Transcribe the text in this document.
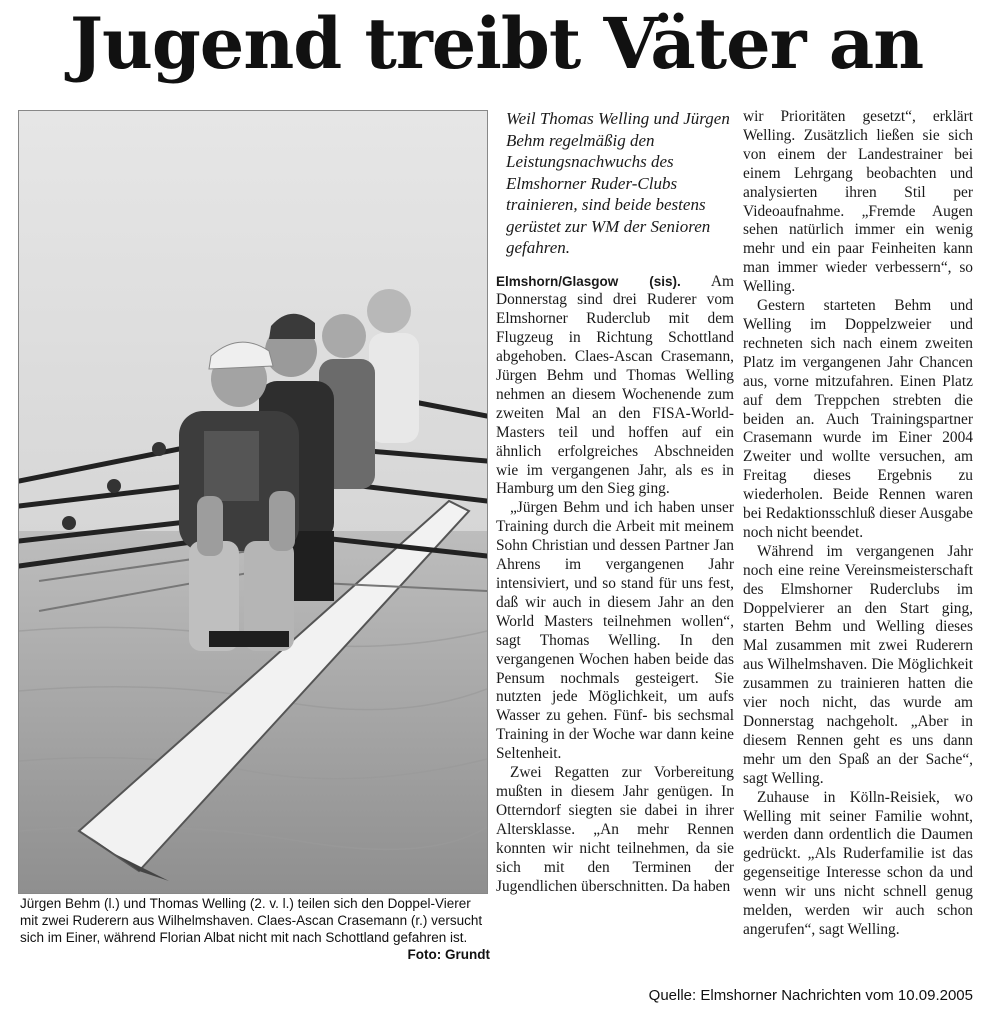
Jugend treibt Väter an
Jürgen Behm (l.) und Thomas Welling (2. v. l.) teilen sich den Doppel-Vierer mit zwei Ruderern aus Wilhelmshaven. Claes-Ascan Crasemann (r.) versucht sich im Einer, während Florian Albat nicht mit nach Schottland gefahren ist.
Foto: Grundt
Weil Thomas Welling und Jürgen Behm regelmäßig den Leistungsnachwuchs des Elmshorner Ruder-Clubs trainieren, sind beide bestens gerüstet zur WM der Senioren gefahren.

Elmshorn/Glasgow (sis). Am Donnerstag sind drei Ruderer vom Elmshorner Ruderclub mit dem Flugzeug in Richtung Schottland abgehoben. Claes-Ascan Crasemann, Jürgen Behm und Thomas Welling nehmen an diesem Wochenende zum zweiten Mal an den FISA-World-Masters teil und hoffen auf ein ähnlich erfolgreiches Abschneiden wie im vergangenen Jahr, als es in Hamburg um den Sieg ging.

„Jürgen Behm und ich haben unser Training durch die Arbeit mit meinem Sohn Christian und dessen Partner Jan Ahrens im vergangenen Jahr intensiviert, und so stand für uns fest, daß wir auch in diesem Jahr an den World Masters teilnehmen wollen“, sagt Thomas Welling. In den vergangenen Wochen haben beide das Pensum nochmals gesteigert. Sie nutzten jede Möglichkeit, um aufs Wasser zu gehen. Fünf- bis sechsmal Training in der Woche war dann keine Seltenheit.

Zwei Regatten zur Vorbereitung mußten in diesem Jahr genügen. In Otterndorf siegten sie dabei in ihrer Altersklasse. „An mehr Rennen konnten wir nicht teilnehmen, da sie sich mit den Terminen der Jugendlichen überschnitten. Da haben

wir Prioritäten gesetzt“, erklärt Welling. Zusätzlich ließen sie sich von einem der Landestrainer bei einem Lehrgang beobachten und analysierten ihren Stil per Videoaufnahme. „Fremde Augen sehen natürlich immer ein wenig mehr und ein paar Feinheiten kann man immer wieder verbessern“, so Welling.

Gestern starteten Behm und Welling im Doppelzweier und rechneten sich nach einem zweiten Platz im vergangenen Jahr Chancen aus, vorne mitzufahren. Einen Platz auf dem Treppchen strebten die beiden an. Auch Trainingspartner Crasemann wurde im Einer 2004 Zweiter und wollte versuchen, am Freitag dieses Ergebnis zu wiederholen. Beide Rennen waren bei Redaktionsschluß dieser Ausgabe noch nicht beendet.

Während im vergangenen Jahr noch eine reine Vereinsmeisterschaft des Elmshorner Ruderclubs im Doppelvierer an den Start ging, starten Behm und Welling dieses Mal zusammen mit zwei Ruderern aus Wilhelmshaven. Die Möglichkeit zusammen zu trainieren hatten die vier noch nicht, das wurde am Donnerstag nachgeholt. „Aber in diesem Rennen geht es uns dann mehr um den Spaß an der Sache“, sagt Welling.

Zuhause in Kölln-Reisiek, wo Welling mit seiner Familie wohnt, werden dann ordentlich die Daumen gedrückt. „Als Ruderfamilie ist das gegenseitige Interesse schon da und wenn wir uns nicht schnell genug melden, werden wir auch schon angerufen“, sagt Welling.

Quelle: Elmshorner Nachrichten vom 10.09.2005
